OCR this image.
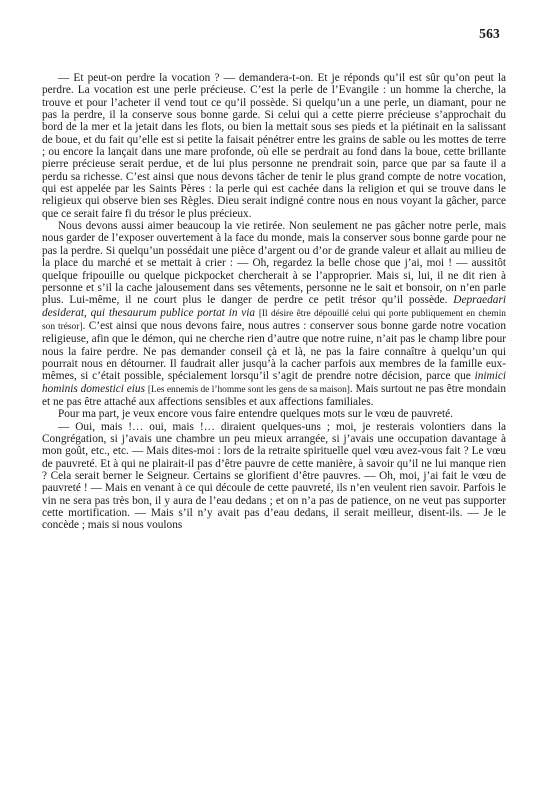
563

— Et peut-on perdre la vocation ? — demandera-t-on. Et je réponds qu’il est sûr qu’on peut la perdre. La vocation est une perle précieuse. C’est la perle de l’Evangile : un homme la cherche, la trouve et pour l’acheter il vend tout ce qu’il possède. Si quelqu’un a une perle, un diamant, pour ne pas la perdre, il la conserve sous bonne garde. Si celui qui a cette pierre précieuse s’approchait du bord de la mer et la jetait dans les flots, ou bien la mettait sous ses pieds et la piétinait en la salissant de boue, et du fait qu’elle est si petite la faisait pénétrer entre les grains de sable ou les mottes de terre ; ou encore la lançait dans une mare profonde, où elle se perdrait au fond dans la boue, cette brillante pierre précieuse serait perdue, et de lui plus personne ne prendrait soin, parce que par sa faute il a perdu sa richesse. C’est ainsi que nous devons tâcher de tenir le plus grand compte de notre vocation, qui est appelée par les Saints Pères : la perle qui est cachée dans la religion et qui se trouve dans le religieux qui observe bien ses Règles. Dieu serait indigné contre nous en nous voyant la gâcher, parce que ce serait faire fi du trésor le plus précieux.

Nous devons aussi aimer beaucoup la vie retirée. Non seulement ne pas gâcher notre perle, mais nous garder de l’exposer ouvertement à la face du monde, mais la conserver sous bonne garde pour ne pas la perdre. Si quelqu’un possédait une pièce d’argent ou d’or de grande valeur et allait au milieu de la place du marché et se mettait à crier : — Oh, regardez la belle chose que j’ai, moi ! — aussitôt quelque fripouille ou quelque pickpocket chercherait à se l’approprier. Mais si, lui, il ne dit rien à personne et s’il la cache jalousement dans ses vêtements, personne ne le sait et bonsoir, on n’en parle plus. Lui-même, il ne court plus le danger de perdre ce petit trésor qu’il possède. Depraedari desiderat, qui thesaurum publice portat in via [Il désire être dépouillé celui qui porte publiquement en chemin son trésor]. C’est ainsi que nous devons faire, nous autres : conserver sous bonne garde notre vocation religieuse, afin que le démon, qui ne cherche rien d’autre que notre ruine, n’ait pas le champ libre pour nous la faire perdre. Ne pas demander conseil çà et là, ne pas la faire connaître à quelqu’un qui pourrait nous en détourner. Il faudrait aller jusqu’à la cacher parfois aux membres de la famille eux-mêmes, si c’était possible, spécialement lorsqu’il s’agit de prendre notre décision, parce que inimici hominis domestici eius [Les ennemis de l’homme sont les gens de sa maison]. Mais surtout ne pas être mondain et ne pas être attaché aux affections sensibles et aux affections familiales.

Pour ma part, je veux encore vous faire entendre quelques mots sur le vœu de pauvreté.

— Oui, mais !… oui, mais !… diraient quelques-uns ; moi, je resterais volontiers dans la Congrégation, si j’avais une chambre un peu mieux arrangée, si j’avais une occupation davantage à mon goût, etc., etc. — Mais dites-moi : lors de la retraite spirituelle quel vœu avez-vous fait ? Le vœu de pauvreté. Et à qui ne plairait-il pas d’être pauvre de cette manière, à savoir qu’il ne lui manque rien ? Cela serait berner le Seigneur. Certains se glorifient d’être pauvres. — Oh, moi, j’ai fait le vœu de pauvreté ! — Mais en venant à ce qui découle de cette pauvreté, ils n’en veulent rien savoir. Parfois le vin ne sera pas très bon, il y aura de l’eau dedans ; et on n’a pas de patience, on ne veut pas supporter cette mortification. — Mais s’il n’y avait pas d’eau dedans, il serait meilleur, disent-ils. — Je le concède ; mais si nous voulons
